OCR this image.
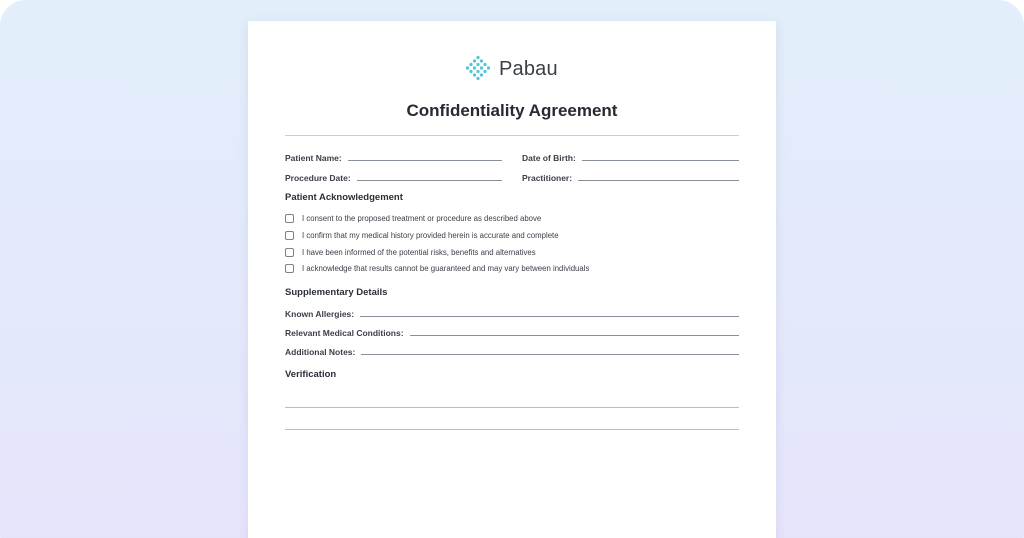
Pabau
Confidentiality Agreement
Patient Name:	Date of Birth:
Procedure Date:	Practitioner:
Patient Acknowledgement
I consent to the proposed treatment or procedure as described above
I confirm that my medical history provided herein is accurate and complete
I have been informed of the potential risks, benefits and alternatives
I acknowledge that results cannot be guaranteed and may vary between individuals
Supplementary Details
Known Allergies:
Relevant Medical Conditions:
Additional Notes:
Verification
